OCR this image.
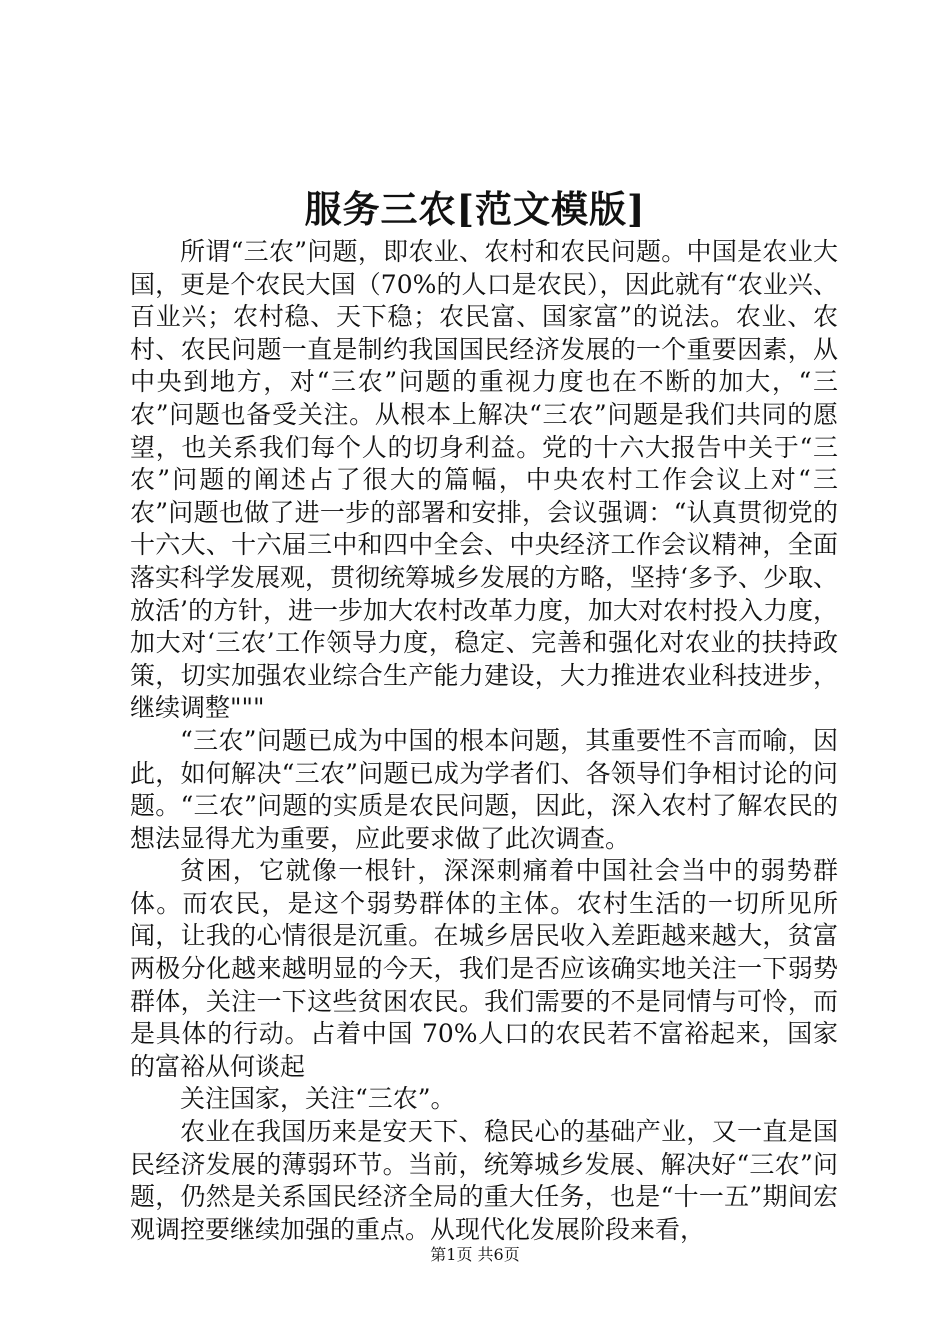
服务三农[范文模版]

所谓“三农”问题，即农业、农村和农民问题。中国是农业大国，更是个农民大国（70%的人口是农民），因此就有“农业兴、百业兴；农村稳、天下稳；农民富、国家富”的说法。农业、农村、农民问题一直是制约我国国民经济发展的一个重要因素，从中央到地方，对“三农”问题的重视力度也在不断的加大，“三农”问题也备受关注。从根本上解决“三农”问题是我们共同的愿望，也关系我们每个人的切身利益。党的十六大报告中关于“三农”问题的阐述占了很大的篇幅，中央农村工作会议上对“三农”问题也做了进一步的部署和安排，会议强调：“认真贯彻党的十六大、十六届三中和四中全会、中央经济工作会议精神，全面落实科学发展观，贯彻统筹城乡发展的方略，坚持‘多予、少取、放活’的方针，进一步加大农村改革力度，加大对农村投入力度，加大对‘三农’工作领导力度，稳定、完善和强化对农业的扶持政策，切实加强农业综合生产能力建设，大力推进农业科技进步，继续调整"""

“三农”问题已成为中国的根本问题，其重要性不言而喻，因此，如何解决“三农”问题已成为学者们、各领导们争相讨论的问题。“三农”问题的实质是农民问题，因此，深入农村了解农民的想法显得尤为重要，应此要求做了此次调查。

贫困，它就像一根针，深深刺痛着中国社会当中的弱势群体。而农民，是这个弱势群体的主体。农村生活的一切所见所闻，让我的心情很是沉重。在城乡居民收入差距越来越大，贫富两极分化越来越明显的今天，我们是否应该确实地关注一下弱势群体，关注一下这些贫困农民。我们需要的不是同情与可怜，而是具体的行动。占着中国 70%人口的农民若不富裕起来，国家的富裕从何谈起

关注国家，关注“三农”。

农业在我国历来是安天下、稳民心的基础产业，又一直是国民经济发展的薄弱环节。当前，统筹城乡发展、解决好“三农”问题，仍然是关系国民经济全局的重大任务，也是“十一五”期间宏观调控要继续加强的重点。从现代化发展阶段来看，

第1页 共6页
